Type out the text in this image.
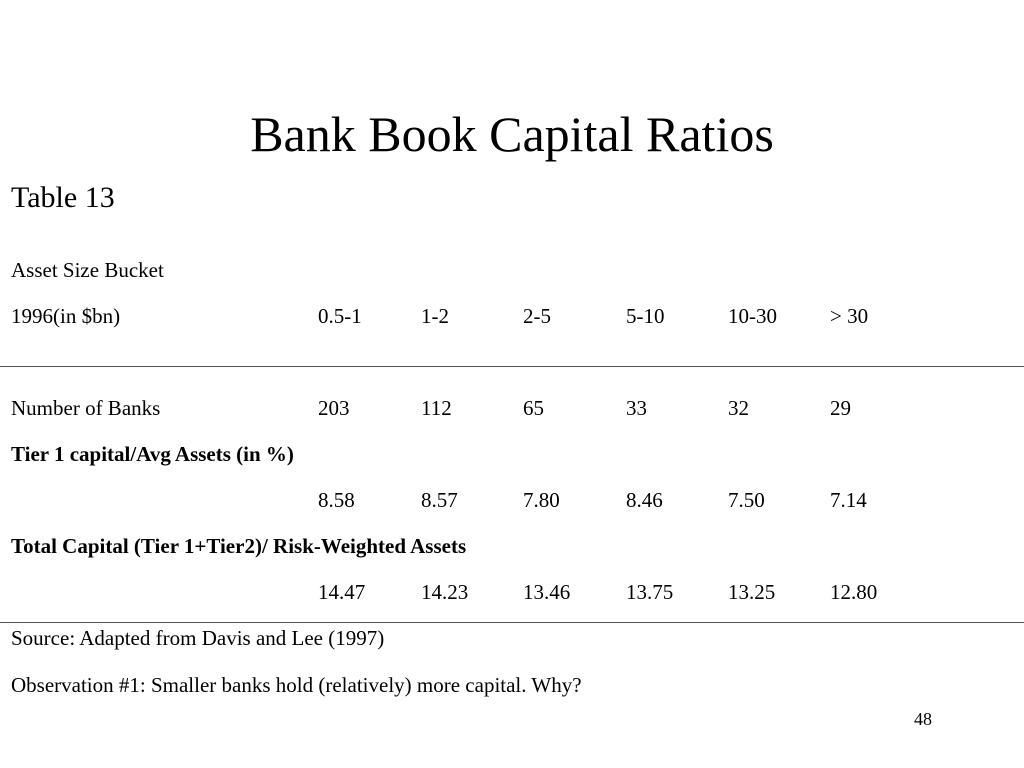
Bank Book Capital Ratios
Table 13
Asset Size Bucket
1996(in $bn)	0.5-1	1-2	2-5	5-10	10-30	> 30
Number of Banks	203	112	65	33	32	29
Tier 1 capital/Avg Assets (in %)
8.58	8.57	7.80	8.46	7.50	7.14
Total Capital (Tier 1+Tier2)/ Risk-Weighted Assets
14.47	14.23	13.46	13.75	13.25	12.80
Source: Adapted from Davis and Lee (1997)
Observation #1: Smaller banks hold (relatively) more capital. Why?
48
